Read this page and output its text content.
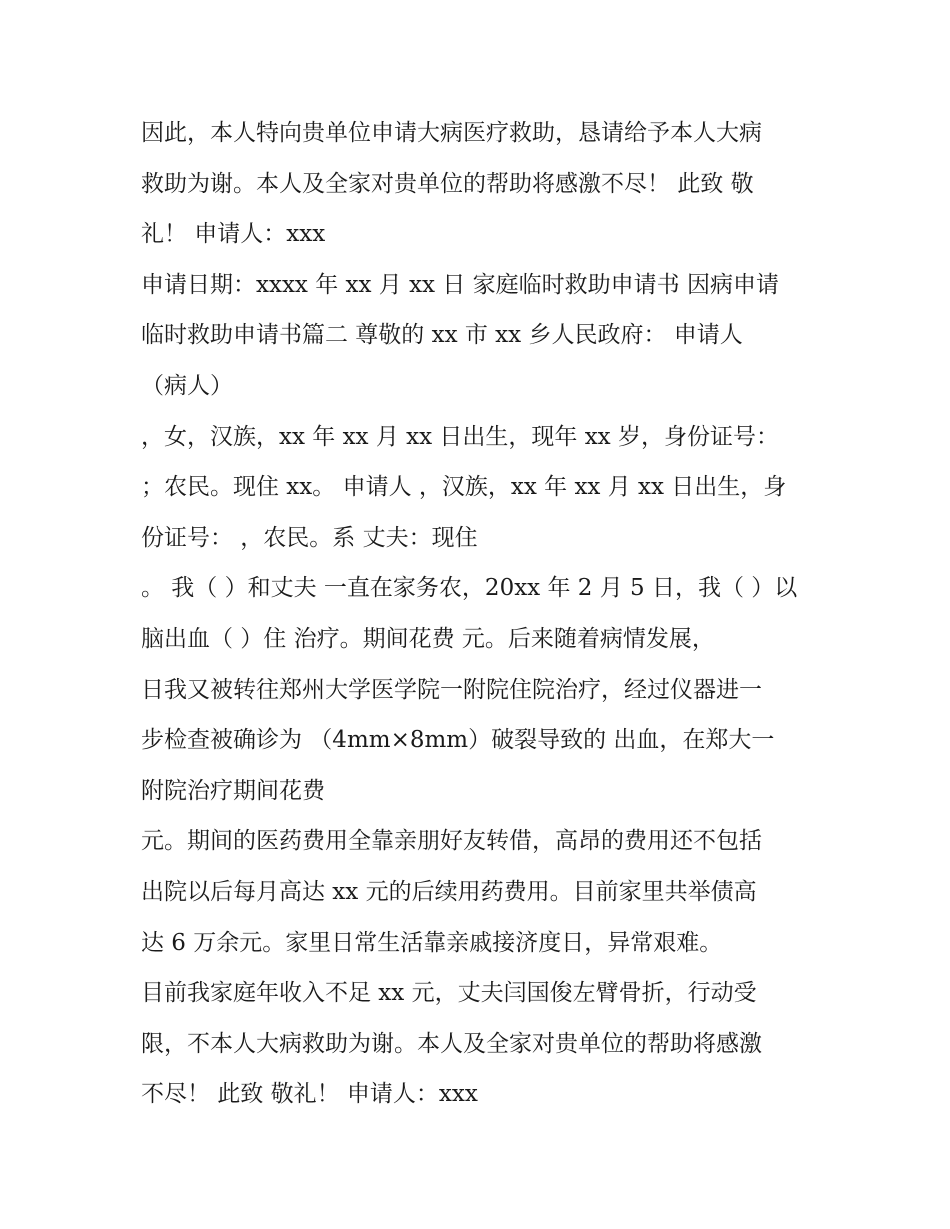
因此，本人特向贵单位申请大病医疗救助，恳请给予本人大病
救助为谢。本人及全家对贵单位的帮助将感激不尽！ 此致 敬
礼！ 申请人：xxx
申请日期：xxxx 年 xx 月 xx 日 家庭临时救助申请书 因病申请
临时救助申请书篇二 尊敬的 xx 市 xx 乡人民政府： 申请人
（病人）
，女，汉族，xx 年 xx 月 xx 日出生，现年 xx 岁，身份证号：
；农民。现住 xx。 申请人 ，汉族，xx 年 xx 月 xx 日出生，身
份证号： ，农民。系 丈夫：现住
。 我（ ）和丈夫 一直在家务农，20xx 年 2 月 5 日，我（ ）以
脑出血（ ）住 治疗。期间花费 元。后来随着病情发展，
日我又被转往郑州大学医学院一附院住院治疗，经过仪器进一
步检查被确诊为 （4mm×8mm）破裂导致的 出血，在郑大一
附院治疗期间花费
元。期间的医药费用全靠亲朋好友转借，高昂的费用还不包括
出院以后每月高达 xx 元的后续用药费用。目前家里共举债高
达 6 万余元。家里日常生活靠亲戚接济度日，异常艰难。
目前我家庭年收入不足 xx 元，丈夫闫国俊左臂骨折，行动受
限，不本人大病救助为谢。本人及全家对贵单位的帮助将感激
不尽！ 此致 敬礼！ 申请人：xxx
